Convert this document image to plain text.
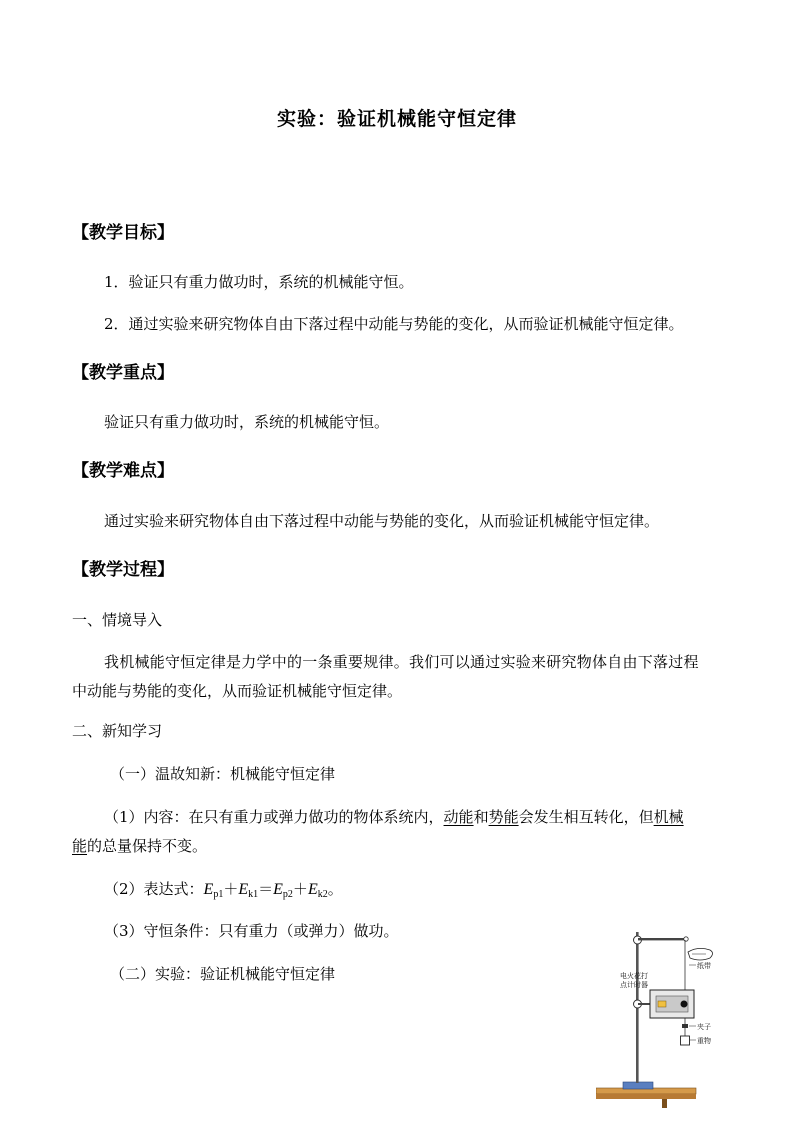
实验：验证机械能守恒定律
【教学目标】
1．验证只有重力做功时，系统的机械能守恒。
2．通过实验来研究物体自由下落过程中动能与势能的变化，从而验证机械能守恒定律。
【教学重点】
验证只有重力做功时，系统的机械能守恒。
【教学难点】
通过实验来研究物体自由下落过程中动能与势能的变化，从而验证机械能守恒定律。
【教学过程】
一、情境导入
我机械能守恒定律是力学中的一条重要规律。我们可以通过实验来研究物体自由下落过程
中动能与势能的变化，从而验证机械能守恒定律。
二、新知学习
（一）温故知新：机械能守恒定律
（1）内容：在只有重力或弹力做功的物体系统内，动能和势能会发生相互转化，但机械
能的总量保持不变。
（2）表达式：$E_{p1}+E_{k1}=E_{p2}+E_{k2}$。
（3）守恒条件：只有重力（或弹力）做功。
（二）实验：验证机械能守恒定律	电火花打
点计时器
纸带
夹子
重物
